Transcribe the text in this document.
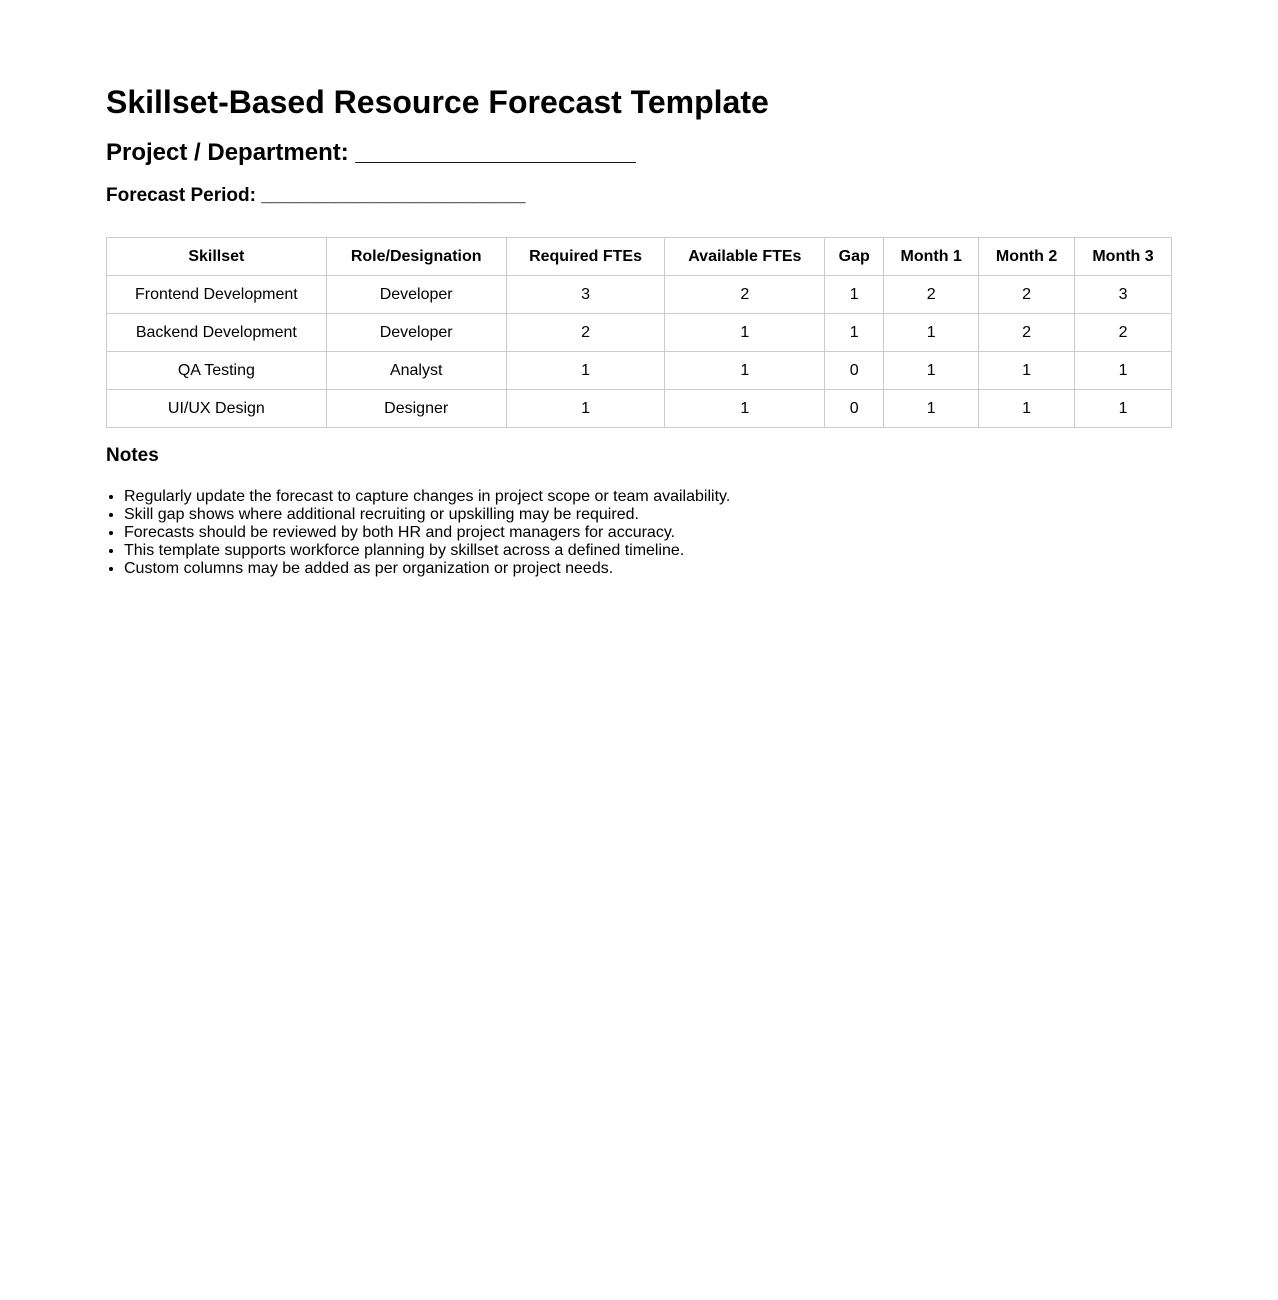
Skillset-Based Resource Forecast Template
Project / Department: _____________________
Forecast Period: _________________________
Skillset	Role/Designation	Required FTEs	Available FTEs	Gap	Month 1	Month 2	Month 3
Frontend Development	Developer	3	2	1	2	2	3
Backend Development	Developer	2	1	1	1	2	2
QA Testing	Analyst	1	1	0	1	1	1
UI/UX Design	Designer	1	1	0	1	1	1
Notes
• Regularly update the forecast to capture changes in project scope or team availability.
• Skill gap shows where additional recruiting or upskilling may be required.
• Forecasts should be reviewed by both HR and project managers for accuracy.
• This template supports workforce planning by skillset across a defined timeline.
• Custom columns may be added as per organization or project needs.
